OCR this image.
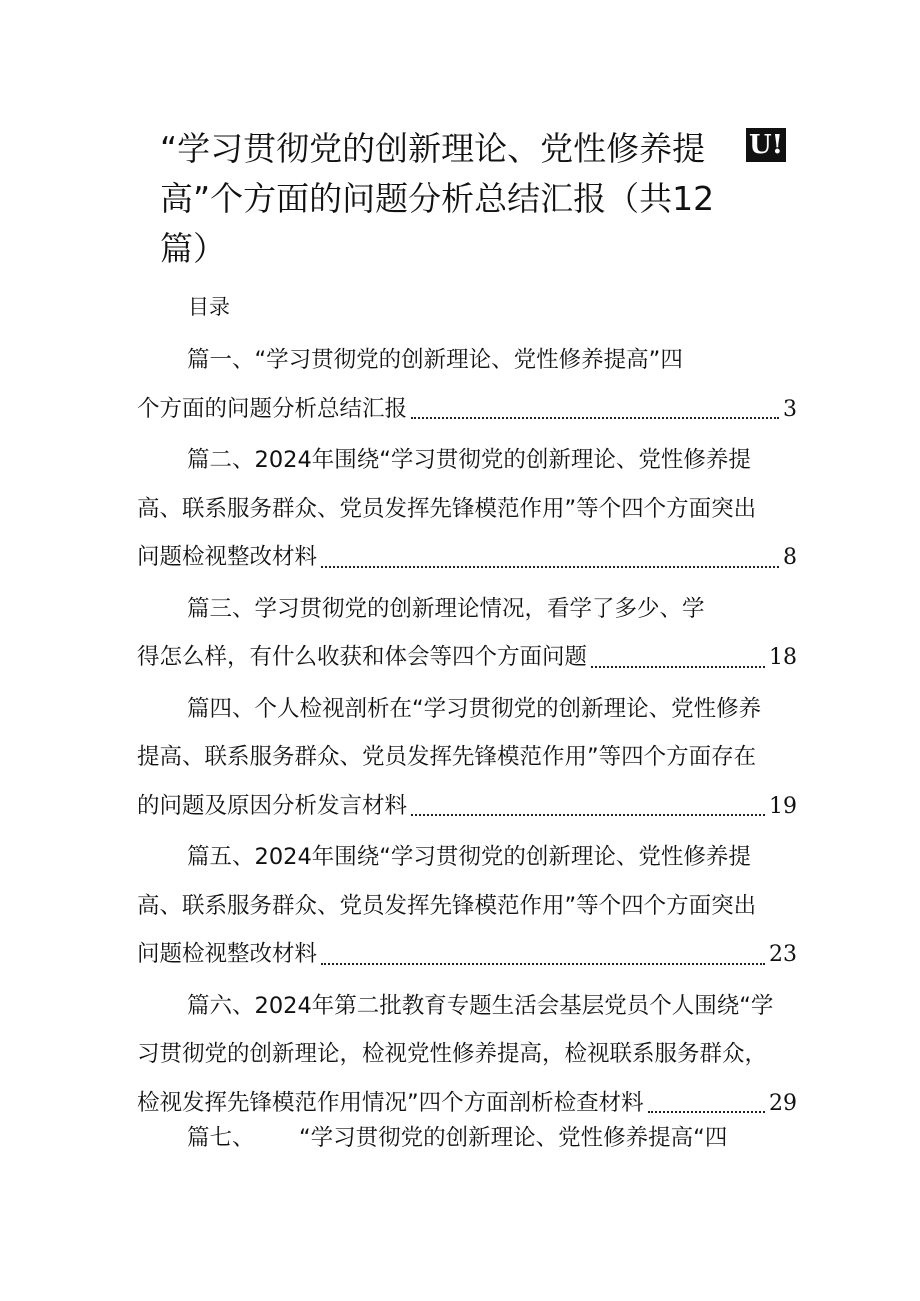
“学习贯彻党的创新理论、党性修养提
高”个方面的问题分析总结汇报（共12
篇）
U!
目录
篇一、“学习贯彻党的创新理论、党性修养提高”四
个方面的问题分析总结汇报	3
篇二、2024年围绕“学习贯彻党的创新理论、党性修养提
高、联系服务群众、党员发挥先锋模范作用”等个四个方面突出
问题检视整改材料	8
篇三、学习贯彻党的创新理论情况，看学了多少、学
得怎么样，有什么收获和体会等四个方面问题	18
篇四、个人检视剖析在“学习贯彻党的创新理论、党性修养
提高、联系服务群众、党员发挥先锋模范作用”等四个方面存在
的问题及原因分析发言材料	19
篇五、2024年围绕“学习贯彻党的创新理论、党性修养提
高、联系服务群众、党员发挥先锋模范作用”等个四个方面突出
问题检视整改材料	23
篇六、2024年第二批教育专题生活会基层党员个人围绕“学
习贯彻党的创新理论，检视党性修养提高，检视联系服务群众，
检视发挥先锋模范作用情况”四个方面剖析检查材料	29
篇七、 “学习贯彻党的创新理论、党性修养提高“四
